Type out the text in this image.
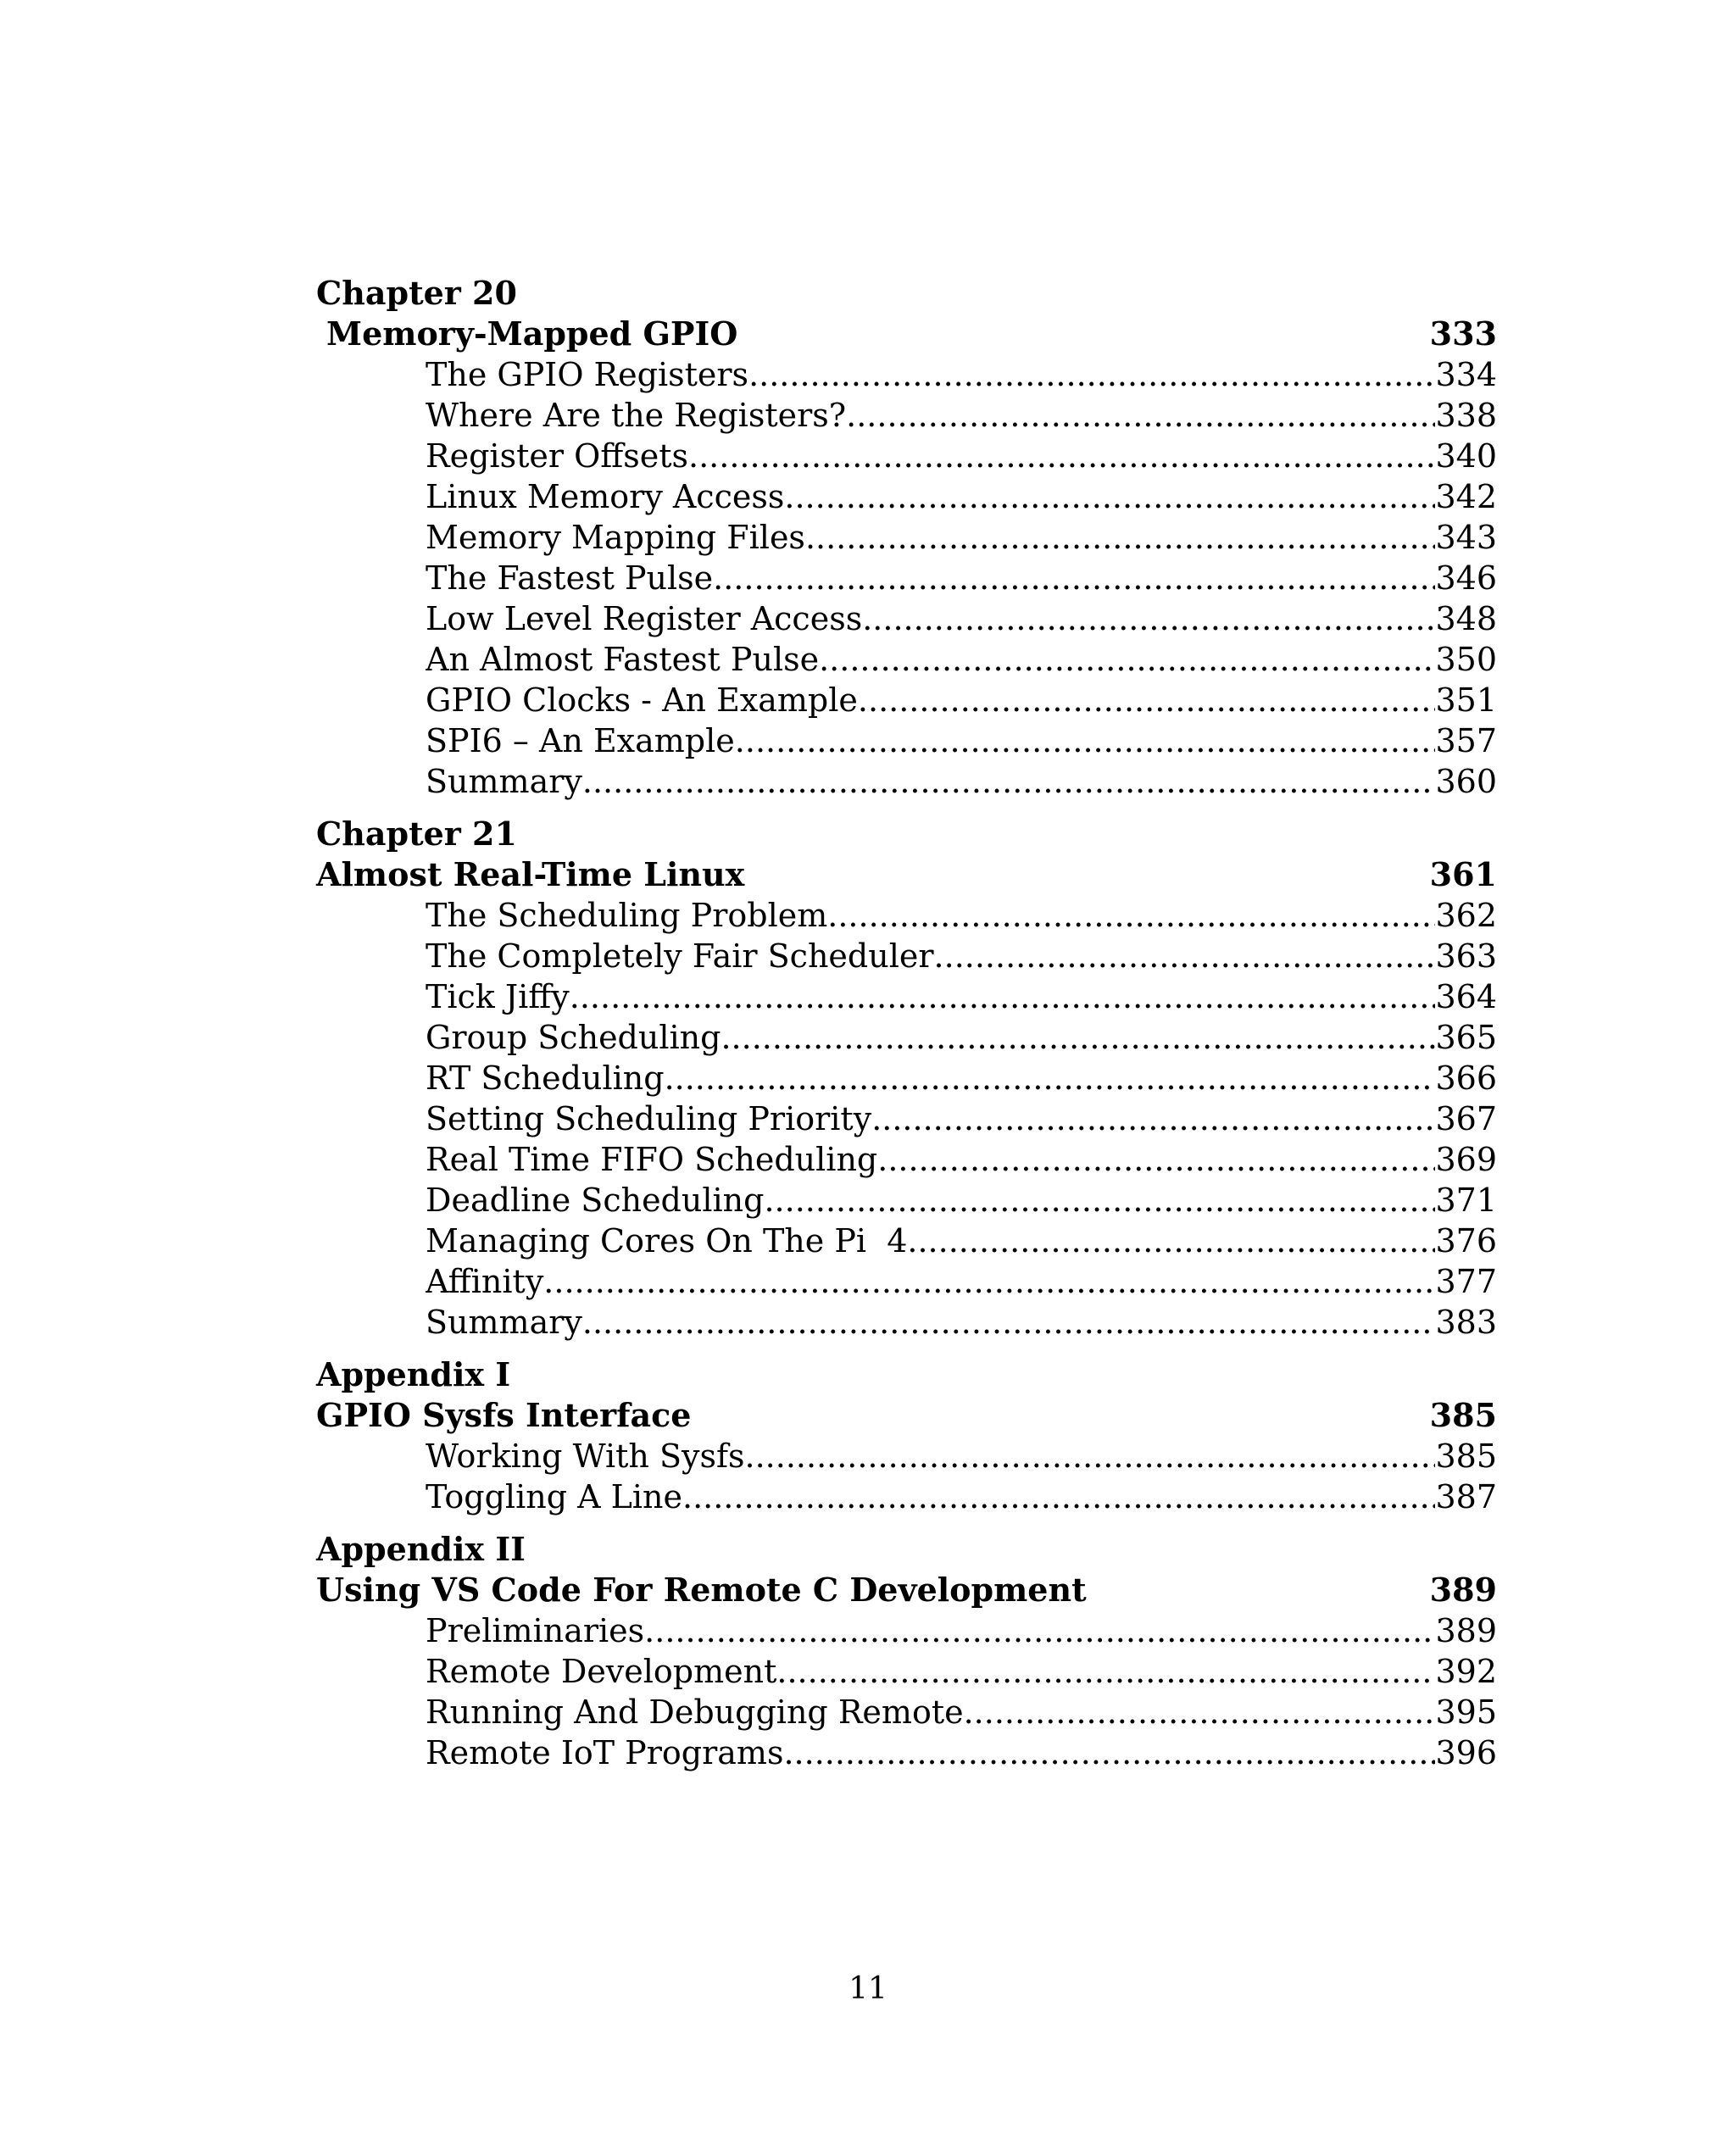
Chapter 20
Memory-Mapped GPIO	333
The GPIO Registers .....	334
Where Are the Registers? .....	338
Register Offsets .....	340
Linux Memory Access .....	342
Memory Mapping Files .....	343
The Fastest Pulse .....	346
Low Level Register Access .....	348
An Almost Fastest Pulse .....	350
GPIO Clocks - An Example .....	351
SPI6 – An Example .....	357
Summary .....	360
Chapter 21
Almost Real-Time Linux	361
The Scheduling Problem .....	362
The Completely Fair Scheduler .....	363
Tick Jiffy .....	364
Group Scheduling .....	365
RT Scheduling .....	366
Setting Scheduling Priority .....	367
Real Time FIFO Scheduling .....	369
Deadline Scheduling .....	371
Managing Cores On The Pi  4 .....	376
Affinity .....	377
Summary .....	383
Appendix I
GPIO Sysfs Interface	385
Working With Sysfs .....	385
Toggling A Line .....	387
Appendix II
Using VS Code For Remote C Development	389
Preliminaries .....	389
Remote Development .....	392
Running And Debugging Remote .....	395
Remote IoT Programs .....	396
11
